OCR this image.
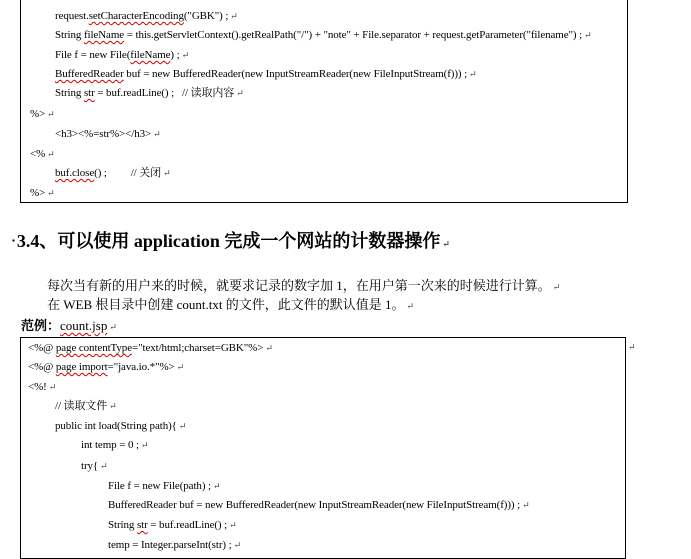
▪ 3.4、可以使用 application 完成一个网站的计数器操作 ↵
每次当有新的用户来的时候，就要求记录的数字加 1，在用户第一次来的时候进行计算。 ↵
在 WEB 根目录中创建 count.txt 的文件，此文件的默认值是 1。 ↵
范例：count.jsp ↵
↵
request.setCharacterEncoding("GBK") ; ↵
String fileName = this.getServletContext().getRealPath("/") + "note" + File.separator + request.getParameter("filename") ; ↵
File f = new File(fileName) ; ↵
BufferedReader buf = new BufferedReader(new InputStreamReader(new FileInputStream(f))) ; ↵
String str = buf.readLine() ;   // 读取内容 ↵
%> ↵
<h3><%=str%></h3> ↵
<% ↵
buf.close() ;         // 关闭 ↵
%> ↵
<%@ page contentType="text/html;charset=GBK"%> ↵
<%@ page import="java.io.*"%> ↵
<%! ↵
// 读取文件 ↵
public int load(String path){ ↵
int temp = 0 ; ↵
try{ ↵
File f = new File(path) ; ↵
BufferedReader buf = new BufferedReader(new InputStreamReader(new FileInputStream(f))) ; ↵
String str = buf.readLine() ; ↵
temp = Integer.parseInt(str) ; ↵
